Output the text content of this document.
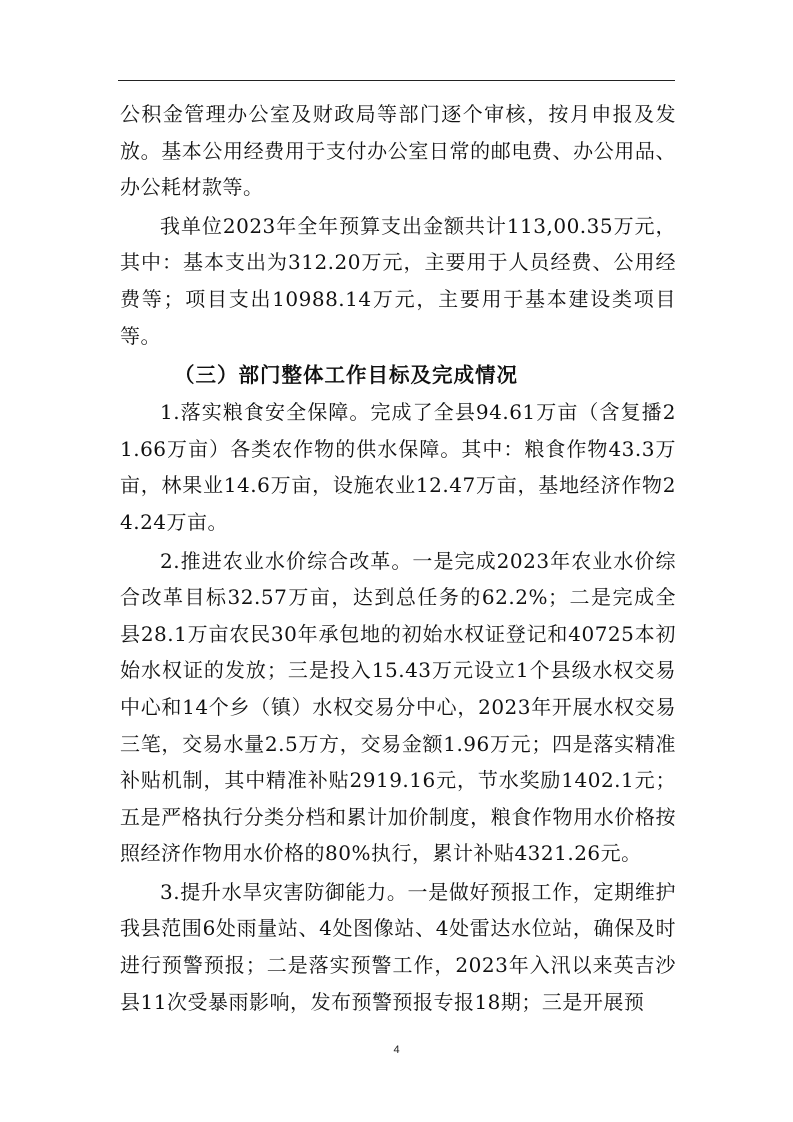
公积金管理办公室及财政局等部门逐个审核，按月申报及发放。基本公用经费用于支付办公室日常的邮电费、办公用品、办公耗材款等。

我单位2023年全年预算支出金额共计113,00.35万元，其中：基本支出为312.20万元，主要用于人员经费、公用经费等；项目支出10988.14万元，主要用于基本建设类项目等。

（三）部门整体工作目标及完成情况

1.落实粮食安全保障。完成了全县94.61万亩（含复播21.66万亩）各类农作物的供水保障。其中：粮食作物43.3万亩，林果业14.6万亩，设施农业12.47万亩，基地经济作物24.24万亩。

2.推进农业水价综合改革。一是完成2023年农业水价综合改革目标32.57万亩，达到总任务的62.2%；二是完成全县28.1万亩农民30年承包地的初始水权证登记和40725本初始水权证的发放；三是投入15.43万元设立1个县级水权交易中心和14个乡（镇）水权交易分中心，2023年开展水权交易三笔，交易水量2.5万方，交易金额1.96万元；四是落实精准补贴机制，其中精准补贴2919.16元，节水奖励1402.1元；五是严格执行分类分档和累计加价制度，粮食作物用水价格按照经济作物用水价格的80%执行，累计补贴4321.26元。

3.提升水旱灾害防御能力。一是做好预报工作，定期维护我县范围6处雨量站、4处图像站、4处雷达水位站，确保及时进行预警预报；二是落实预警工作，2023年入汛以来英吉沙县11次受暴雨影响，发布预警预报专报18期；三是开展预

4
